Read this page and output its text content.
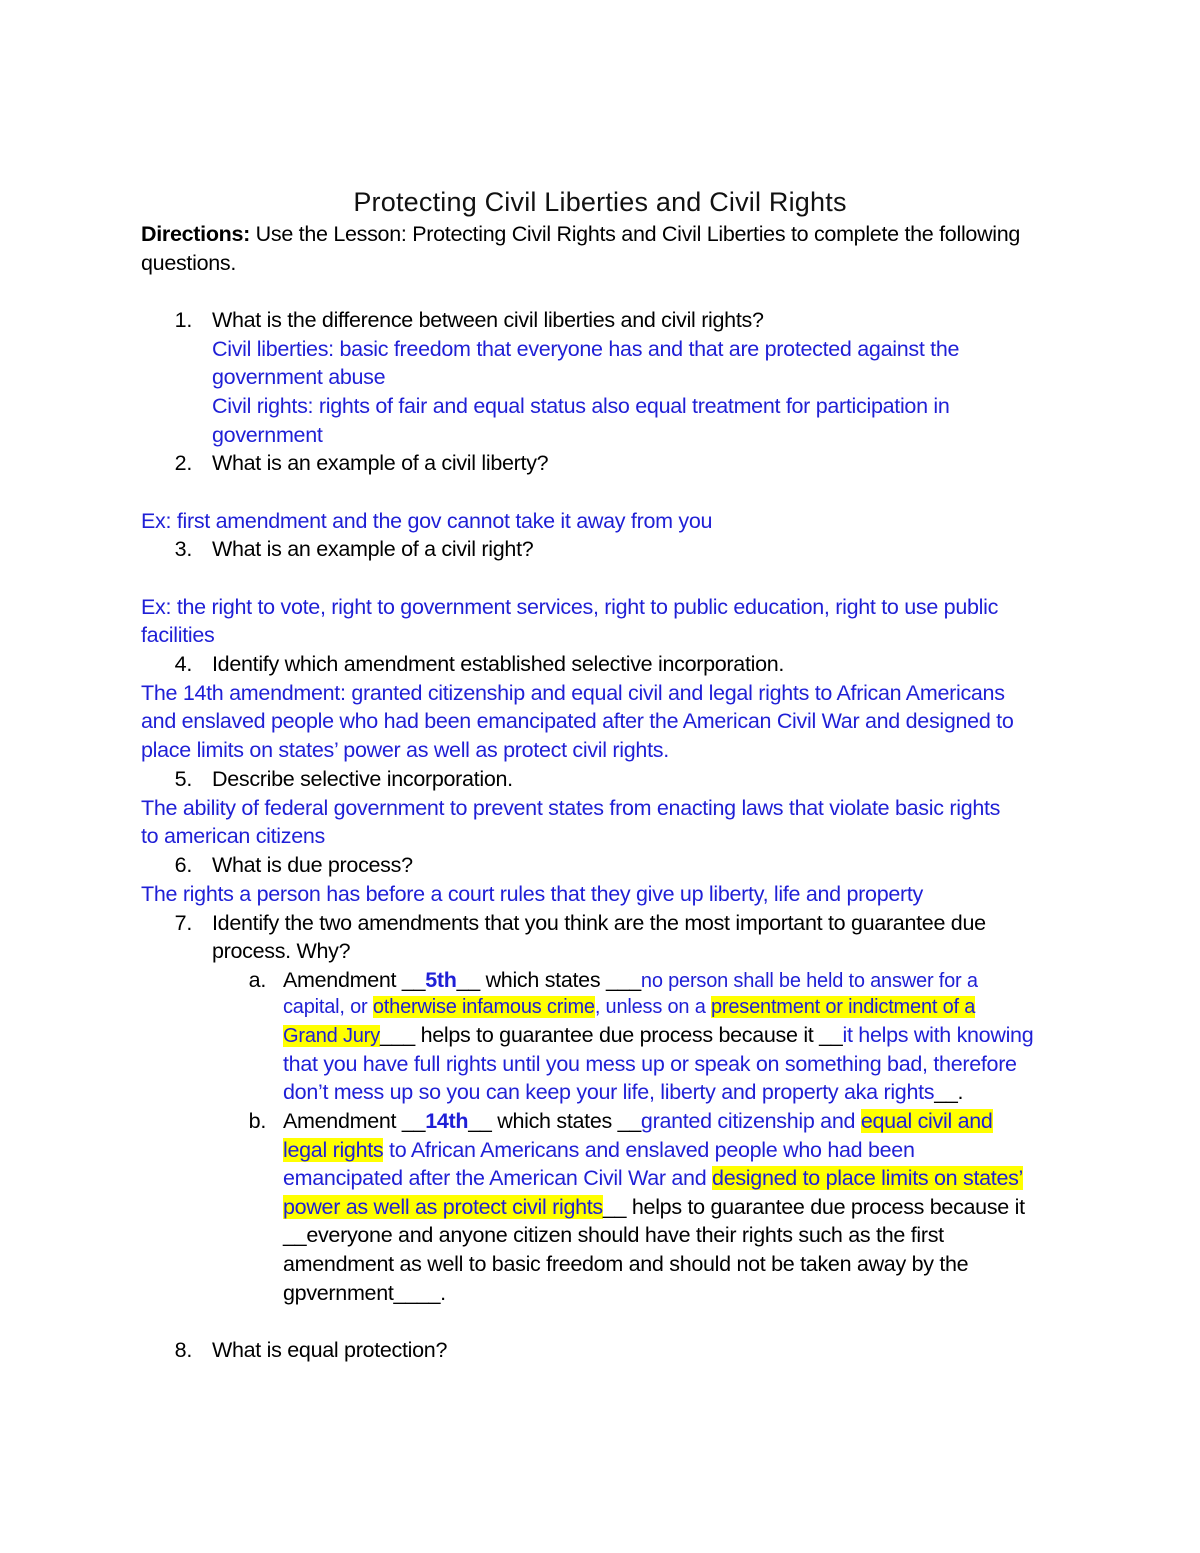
Protecting Civil Liberties and Civil Rights
Directions: Use the Lesson: Protecting Civil Rights and Civil Liberties to complete the following
questions.
1. What is the difference between civil liberties and civil rights?
Civil liberties: basic freedom that everyone has and that are protected against the
government abuse
Civil rights: rights of fair and equal status also equal treatment for participation in
government
2. What is an example of a civil liberty?
Ex: first amendment and the gov cannot take it away from you
3. What is an example of a civil right?
Ex: the right to vote, right to government services, right to public education, right to use public
facilities
4. Identify which amendment established selective incorporation.
The 14th amendment: granted citizenship and equal civil and legal rights to African Americans
and enslaved people who had been emancipated after the American Civil War and designed to
place limits on states’ power as well as protect civil rights.
5. Describe selective incorporation.
The ability of federal government to prevent states from enacting laws that violate basic rights
to american citizens
6. What is due process?
The rights a person has before a court rules that they give up liberty, life and property
7. Identify the two amendments that you think are the most important to guarantee due
process. Why?
a. Amendment __5th__ which states ___no person shall be held to answer for a
capital, or otherwise infamous crime, unless on a presentment or indictment of a
Grand Jury___ helps to guarantee due process because it __it helps with knowing
that you have full rights until you mess up or speak on something bad, therefore
don’t mess up so you can keep your life, liberty and property aka rights__.
b. Amendment __14th__ which states __granted citizenship and equal civil and
legal rights to African Americans and enslaved people who had been
emancipated after the American Civil War and designed to place limits on states’
power as well as protect civil rights__ helps to guarantee due process because it
__everyone and anyone citizen should have their rights such as the first
amendment as well to basic freedom and should not be taken away by the
gpvernment____.
8. What is equal protection?
